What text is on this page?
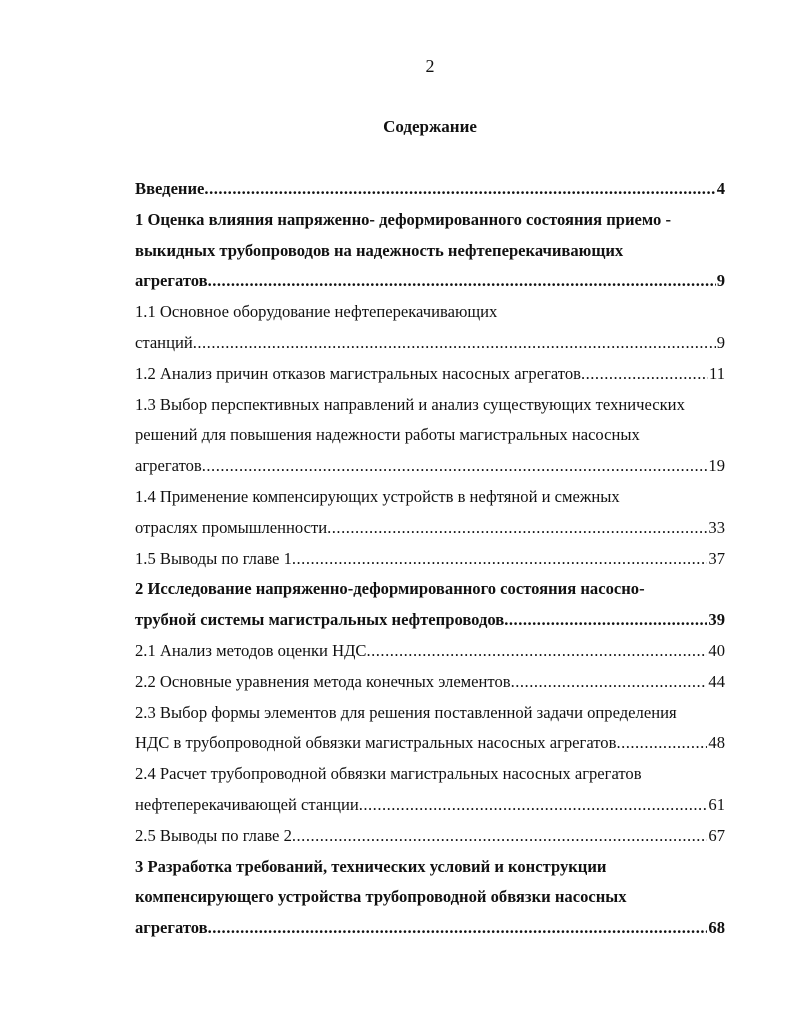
2
Содержание
Введение .....	4
1 Оценка влияния напряженно- деформированного состояния приемо -
выкидных трубопроводов на надежность нефтеперекачивающих
агрегатов .....	9
1.1 Основное оборудование нефтеперекачивающих
станций .....	9
1.2 Анализ причин отказов магистральных насосных агрегатов .....	11
1.3 Выбор перспективных направлений и анализ существующих технических
решений для повышения надежности работы магистральных насосных
агрегатов .....	19
1.4 Применение компенсирующих устройств в нефтяной и смежных
отраслях промышленности .....	33
1.5 Выводы по главе 1 .....	37
2 Исследование напряженно-деформированного состояния насосно-
трубной системы магистральных нефтепроводов .....	39
2.1 Анализ методов оценки НДС .....	40
2.2 Основные уравнения метода конечных элементов .....	44
2.3 Выбор формы элементов для решения поставленной задачи определения
НДС в трубопроводной обвязки магистральных насосных агрегатов .....	48
2.4 Расчет трубопроводной обвязки магистральных насосных агрегатов
нефтеперекачивающей станции .....	61
2.5 Выводы по главе 2 .....	67
3 Разработка требований, технических условий и конструкции
компенсирующего устройства трубопроводной обвязки насосных
агрегатов .....	68
